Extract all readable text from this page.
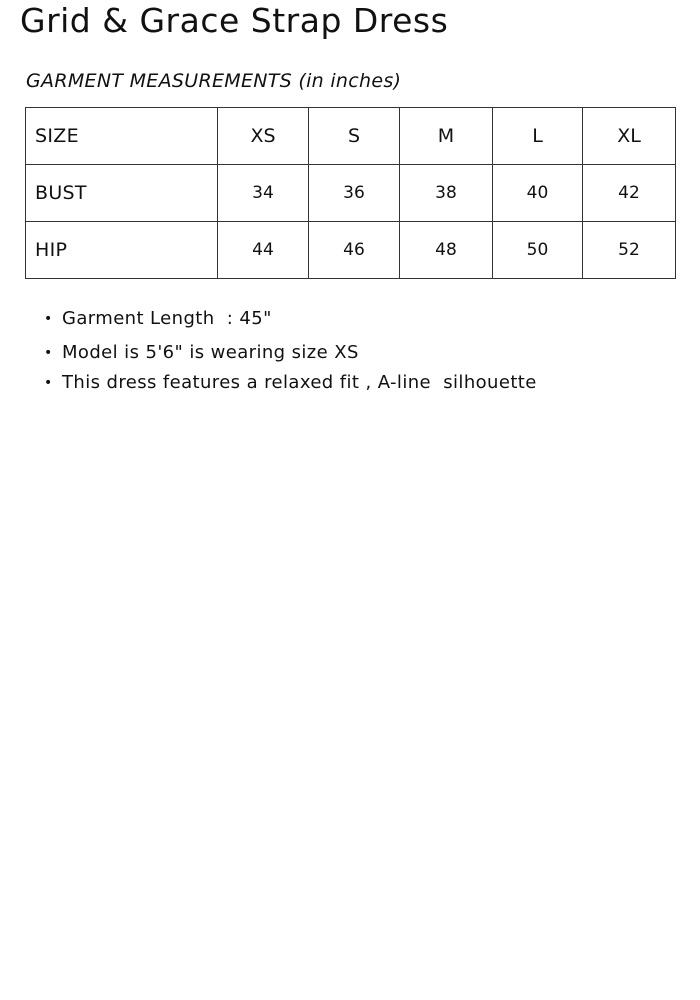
Grid & Grace Strap Dress
GARMENT MEASUREMENTS (in inches)
SIZE	XS	S	M	L	XL
BUST	34	36	38	40	42
HIP	44	46	48	50	52
• Garment Length  : 45"
• Model is 5'6" is wearing size XS
• This dress features a relaxed fit , A-line  silhouette
